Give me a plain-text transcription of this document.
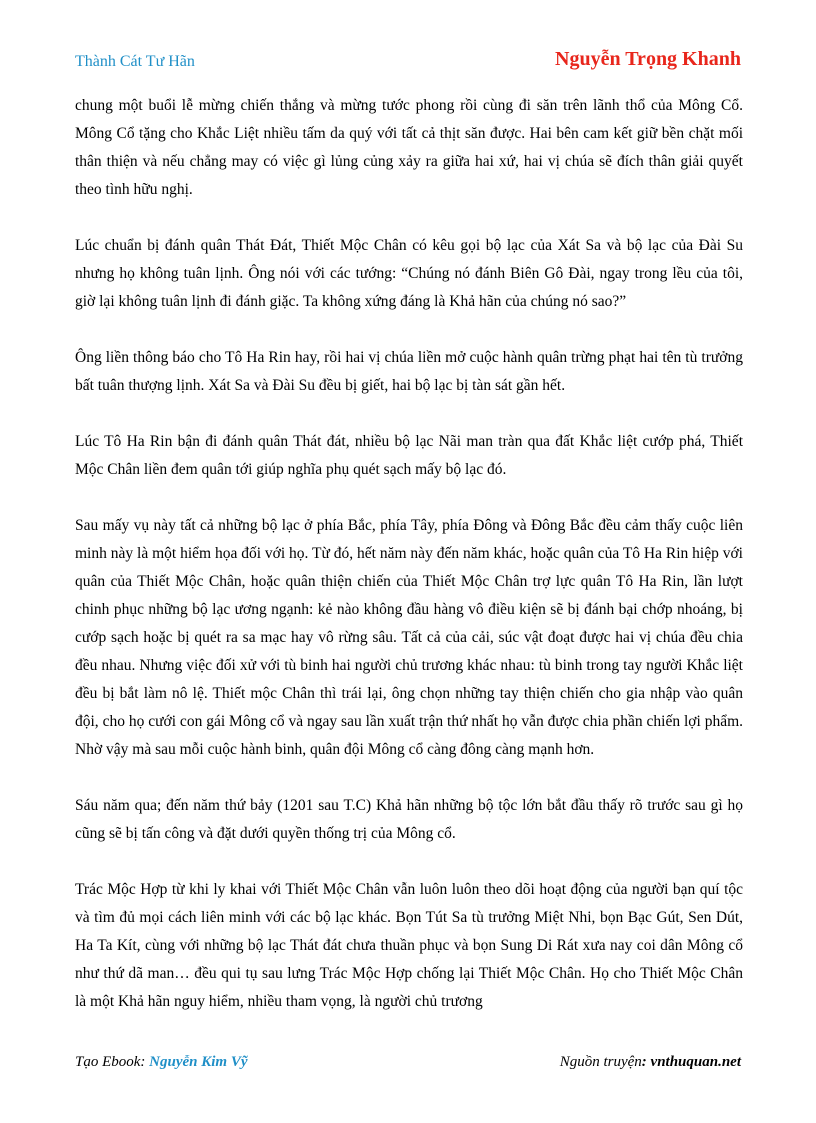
Thành Cát Tư Hãn	Nguyễn Trọng Khanh

chung một buổi lễ mừng chiến thắng và mừng tước phong rồi cùng đi săn trên lãnh thổ của Mông Cổ. Mông Cổ tặng cho Khắc Liệt nhiều tấm da quý với tất cả thịt săn được. Hai bên cam kết giữ bền chặt mối thân thiện và nếu chẳng may có việc gì lủng củng xảy ra giữa hai xứ, hai vị chúa sẽ đích thân giải quyết theo tình hữu nghị.

Lúc chuẩn bị đánh quân Thát Đát, Thiết Mộc Chân có kêu gọi bộ lạc của Xát Sa và bộ lạc của Đài Su nhưng họ không tuân lịnh. Ông nói với các tướng: “Chúng nó đánh Biên Gô Đài, ngay trong lều của tôi, giờ lại không tuân lịnh đi đánh giặc. Ta không xứng đáng là Khả hãn của chúng nó sao?”

Ông liền thông báo cho Tô Ha Rin hay, rồi hai vị chúa liền mở cuộc hành quân trừng phạt hai tên tù trưởng bất tuân thượng lịnh. Xát Sa và Đài Su đều bị giết, hai bộ lạc bị tàn sát gần hết.

Lúc Tô Ha Rin bận đi đánh quân Thát đát, nhiều bộ lạc Nãi man tràn qua đất Khắc liệt cướp phá, Thiết Mộc Chân liền đem quân tới giúp nghĩa phụ quét sạch mấy bộ lạc đó.

Sau mấy vụ này tất cả những bộ lạc ở phía Bắc, phía Tây, phía Đông và Đông Bắc đều cảm thấy cuộc liên minh này là một hiểm họa đối với họ. Từ đó, hết năm này đến năm khác, hoặc quân của Tô Ha Rin hiệp với quân của Thiết Mộc Chân, hoặc quân thiện chiến của Thiết Mộc Chân trợ lực quân Tô Ha Rin, lần lượt chinh phục những bộ lạc ương ngạnh: kẻ nào không đầu hàng vô điều kiện sẽ bị đánh bại chớp nhoáng, bị cướp sạch hoặc bị quét ra sa mạc hay vô rừng sâu. Tất cả của cải, súc vật đoạt được hai vị chúa đều chia đều nhau. Nhưng việc đối xử với tù binh hai người chủ trương khác nhau: tù binh trong tay người Khắc liệt đều bị bắt làm nô lệ. Thiết mộc Chân thì trái lại, ông chọn những tay thiện chiến cho gia nhập vào quân đội, cho họ cưới con gái Mông cổ và ngay sau lần xuất trận thứ nhất họ vẫn được chia phần chiến lợi phẩm. Nhờ vậy mà sau mỗi cuộc hành binh, quân đội Mông cổ càng đông càng mạnh hơn.

Sáu năm qua; đến năm thứ bảy (1201 sau T.C) Khả hãn những bộ tộc lớn bắt đầu thấy rõ trước sau gì họ cũng sẽ bị tấn công và đặt dưới quyền thống trị của Mông cổ.

Trác Mộc Hợp từ khi ly khai với Thiết Mộc Chân vẫn luôn luôn theo dõi hoạt động của người bạn quí tộc và tìm đủ mọi cách liên minh với các bộ lạc khác. Bọn Tút Sa tù trưởng Miệt Nhi, bọn Bạc Gút, Sen Dút, Ha Ta Kít, cùng với những bộ lạc Thát đát chưa thuần phục và bọn Sung Di Rát xưa nay coi dân Mông cổ như thứ dã man… đều qui tụ sau lưng Trác Mộc Hợp chống lại Thiết Mộc Chân. Họ cho Thiết Mộc Chân là một Khả hãn nguy hiểm, nhiều tham vọng, là người chủ trương

Tạo Ebook: Nguyễn Kim Vỹ	Nguồn truyện: vnthuquan.net
